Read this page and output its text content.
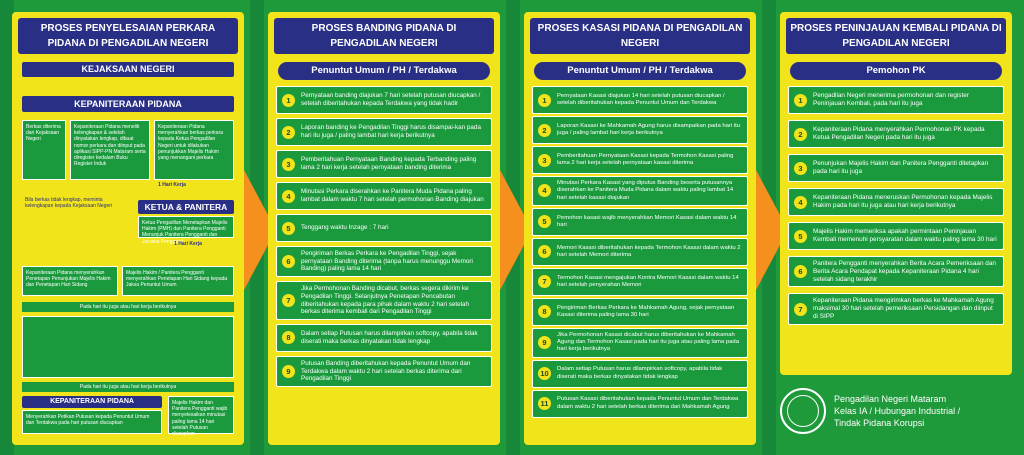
PROSES PENYELESAIAN PERKARA PIDANA DI PENGADILAN NEGERI
KEJAKSAAN NEGERI
KEPANITERAAN PIDANA
Berkas diterima dari Kejaksaan Negeri
Kepaniteraan Pidana meneliti kelengkapan & setelah dinyatakan lengkap, dibuat nomor perkara dan diinput pada aplikasi SIPP-PN Mataram serta diregister kedalam Buku Register Induk
Kepaniteraan Pidana menyerahkan berkas perkara kepada Ketua Pengadilan Negeri untuk dilakukan penunjukkan Majelis Hakim yang menangani perkara
1 Hari Kerja
Bila berkas tidak lengkap, meminta kelengkapan kepada Kejaksaan Negeri	KETUA & PANITERA
Ketua Pengadilan Menetapkan Majelis Hakim (PMH) dan Panitera Pengganti Menunjuk Panitera Pengganti dan Jurusita Pengganti
1 Hari Kerja
Kepaniteraan Pidana menyerahkan Penetapan Penunjukan Majelis Hakim dan Penetapan Hari Sidang
Majelis Hakim / Panitera Pengganti menyerahkan Penetapan Hari Sidang kepada Jaksa Penuntut Umum
Pada hari itu juga atau hari kerja berikutnya
Pada hari itu juga atau hari kerja berikutnya
KEPANITERAAN PIDANA
Menyerahkan Petikan Putusan kepada Penuntut Umum dan Terdakwa pada hari putusan diucapkan
Majelis Hakim dan Panitera Pengganti wajib menyelesaikan minutasi paling lama 14 hari setelah Putusan diucapkan
PROSES BANDING PIDANA DI PENGADILAN NEGERI
Penuntut Umum / PH / Terdakwa
1	Pernyataan banding diajukan 7 hari setelah putusan diucapkan / setelah diberitahukan kepada Terdakwa yang tidak hadir
2	Laporan banding ke Pengadilan Tinggi harus disampai-kan pada hari itu juga / paling lambat hari kerja berikutnya
3	Pemberitahuan Pernyataan Banding kepada Terbanding paling lama 2 hari kerja setelah pernyataan banding diterima
4	Minutasi Perkara diserahkan ke Panitera Muda Pidana paling lambat dalam waktu 7 hari setelah permohonan Banding diajukan
5	Tenggang waktu Inzage : 7 hari
6
Pengiriman Berkas Perkara ke Pengadilan Tinggi, sejak pernyataan Banding diterima (tanpa harus menunggu Memori Banding) paling lama 14 hari
7
Jika Permohonan Banding dicabut, berkas segera dikirim ke Pengadilan Tinggi. Selanjutnya Penetapan Pencabutan diberitahukan kepada para pihak dalam waktu 2 hari setelah berkas diterima kembali dari Pengadilan Tinggi
8	Dalam setiap Putusan harus dilampirkan softcopy, apabila tidak diserati maka berkas dinyatakan tidak lengkap
9
Putusan Banding diberitahukan kepada Penuntut Umum dan Terdakwa dalam waktu 2 hari setelah berkas diterima dari Pengadilan Tinggi
PROSES KASASI PIDANA DI PENGADILAN NEGERI
Penuntut Umum / PH / Terdakwa
1	Pernyataan Kasasi diajukan 14 hari setelah putusan diucapkan / setelah diberitahukan kepada Penuntut Umum dan Terdakwa
2	Laporan Kasasi ke Mahkamah Agung harus disampaikan pada hari itu juga / paling lambat hari kerja berikutnya
3	Pemberitahuan Pernyataan Kasasi kepada Termohon Kasasi paling lama 2 hari kerja setelah pernyataan kasasi diterima
4
Minutasi Perkara Kasasi yang diputus Banding beserta putusannya diserahkan ke Panitera Muda Pidana dalam waktu paling lambat 14 hari setelah kasasi diajukan
5	Pemohon kasasi wajib menyerahkan Memori Kasasi dalam waktu 14 hari
6	Memori Kasasi diberitahukan kepada Termohon Kasasi dalam waktu 2 hari setelah Memori diterima
7	Termohon Kasasi mengajukan Kontra Memori Kasasi dalam waktu 14 hari setelah penyerahan Memori
8	Pengiriman Berkas Perkara ke Mahkamah Agung, sejak pernyataan Kasasi diterima paling lama 30 hari
9
Jika Permohonan Kasasi dicabut harus diberitahukan ke Mahkamah Agung dan Termohon Kasasi pada hari itu juga atau paling lama pada hari kerja berikutnya
10	Dalam setiap Putusan harus dilampirkan softcopy, apabila tidak diserati maka berkas dinyatakan tidak lengkap
11	Putusan Kasasi diberitahukan kepada Penuntut Umum dan Terdakwa dalam waktu 2 hari setelah berkas diterima dari Mahkamah Agung
PROSES PENINJAUAN KEMBALI PIDANA DI PENGADILAN NEGERI
Pemohon PK
1	Pengadilan Negeri menerima permohonan dan register Peninjauan Kembali, pada hari itu juga
2	Kepaniteraan Pidana menyerahkan Permohonan PK kepada Ketua Pengadilan Negeri pada hari itu juga
3	Penunjukan Majelis Hakim dan Panitera Pengganti ditetapkan pada hari itu juga
4	Kepaniteraan Pidana meneruskan Permohonan kepada Majelis Hakim pada hari itu juga atau hari kerja berikutnya
5	Majelis Hakim memeriksa apakah permintaan Peninjauan Kembali memenuhi persyaratan dalam waktu paling lama 30 hari
6
Panitera Pengganti menyerahkan Berita Acara Pemeriksaan dan Berita Acara Pendapat kepada Kepaniteraan Pidana 4 hari setelah sidang terakhir
7
Kepaniteraan Pidana mengirimkan berkas ke Mahkamah Agung maksimal 30 hari setelah pemeriksaan Persidangan dan diinput di SIPP
Pengadilan Negeri Mataram
Kelas IA / Hubungan Industrial /
Tindak Pidana Korupsi
